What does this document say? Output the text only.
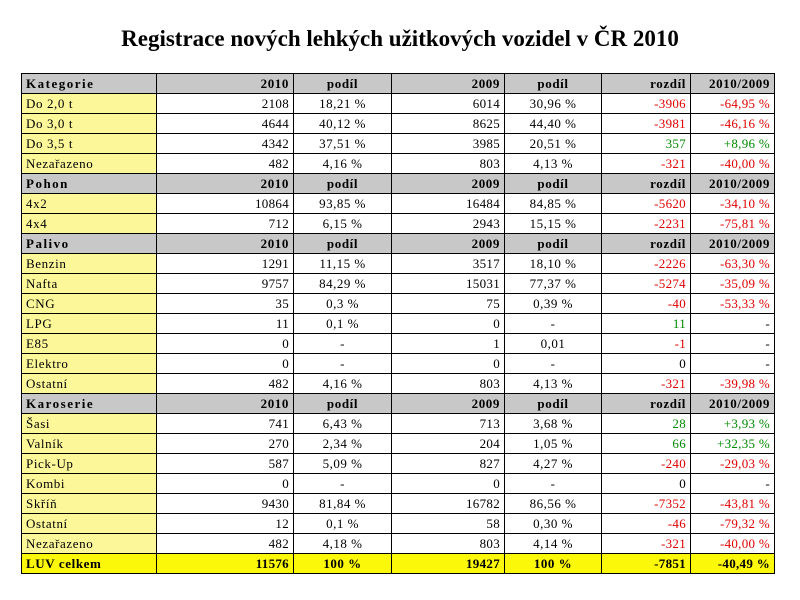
Registrace nových lehkých užitkových vozidel v ČR 2010
Kategorie	2010	podíl	2009	podíl	rozdíl	2010/2009
Do 2,0 t	2108	18,21 %	6014	30,96 %	-3906	-64,95 %
Do 3,0 t	4644	40,12 %	8625	44,40 %	-3981	-46,16 %
Do 3,5 t	4342	37,51 %	3985	20,51 %	357	+8,96 %
Nezařazeno	482	4,16 %	803	4,13 %	-321	-40,00 %
Pohon	2010	podíl	2009	podíl	rozdíl	2010/2009
4x2	10864	93,85 %	16484	84,85 %	-5620	-34,10 %
4x4	712	6,15 %	2943	15,15 %	-2231	-75,81 %
Palivo	2010	podíl	2009	podíl	rozdíl	2010/2009
Benzin	1291	11,15 %	3517	18,10 %	-2226	-63,30 %
Nafta	9757	84,29 %	15031	77,37 %	-5274	-35,09 %
CNG	35	0,3 %	75	0,39 %	-40	-53,33 %
LPG	11	0,1 %	0	-	11	-
E85	0	-	1	0,01	-1	-
Elektro	0	-	0	-	0	-
Ostatní	482	4,16 %	803	4,13 %	-321	-39,98 %
Karoserie	2010	podíl	2009	podíl	rozdíl	2010/2009
Šasi	741	6,43 %	713	3,68 %	28	+3,93 %
Valník	270	2,34 %	204	1,05 %	66	+32,35 %
Pick-Up	587	5,09 %	827	4,27 %	-240	-29,03 %
Kombi	0	-	0	-	0	-
Skříň	9430	81,84 %	16782	86,56 %	-7352	-43,81 %
Ostatní	12	0,1 %	58	0,30 %	-46	-79,32 %
Nezařazeno	482	4,18 %	803	4,14 %	-321	-40,00 %
LUV celkem	11576	100 %	19427	100 %	-7851	-40,49 %
